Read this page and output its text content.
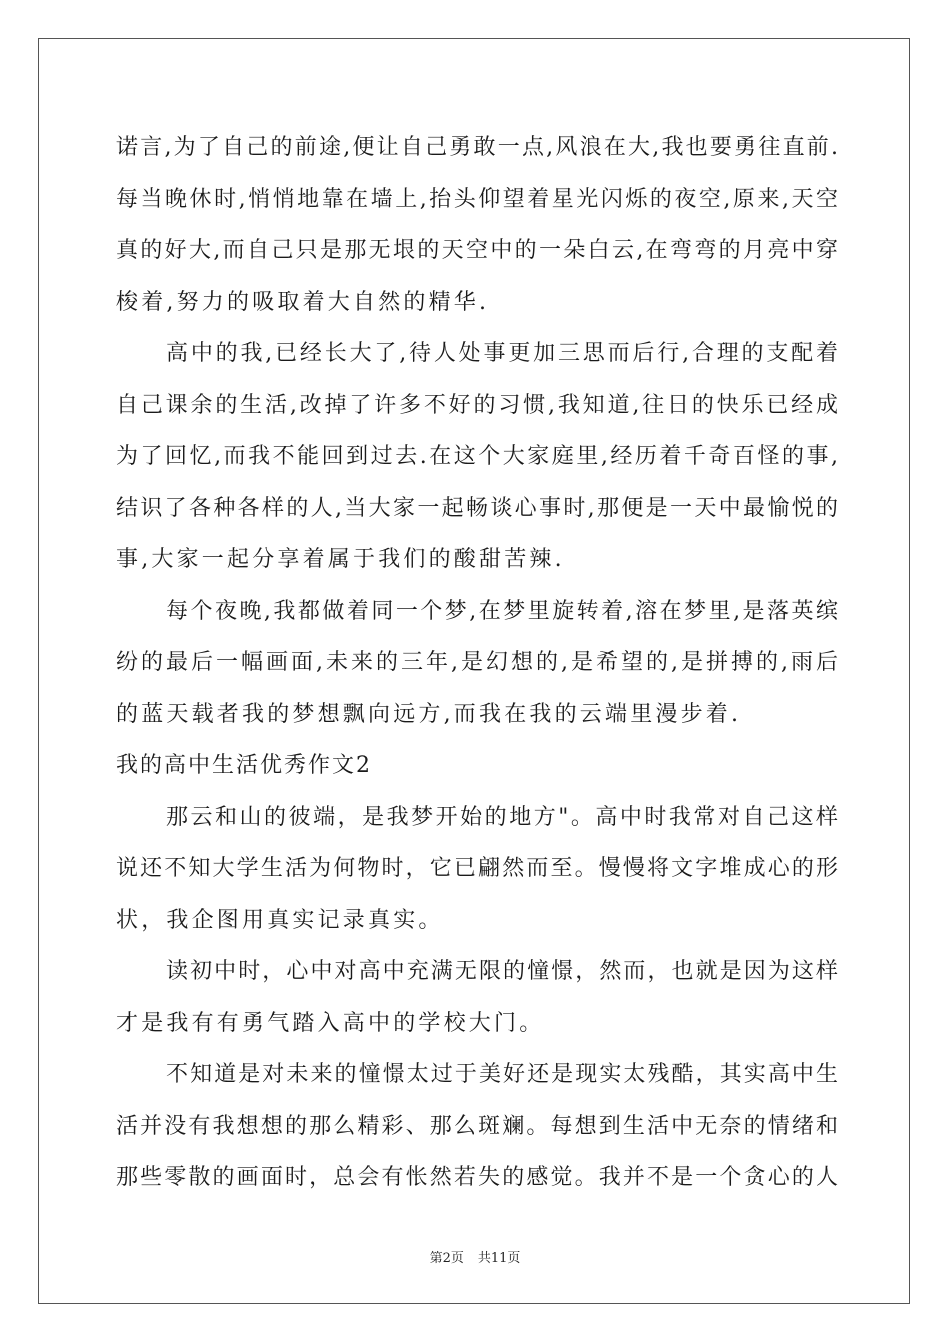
诺言,为了自己的前途,便让自己勇敢一点,风浪在大,我也要勇往直前.
每当晚休时,悄悄地靠在墙上,抬头仰望着星光闪烁的夜空,原来,天空
真的好大,而自己只是那无垠的天空中的一朵白云,在弯弯的月亮中穿
梭着,努力的吸取着大自然的精华.
高中的我,已经长大了,待人处事更加三思而后行,合理的支配着
自己课余的生活,改掉了许多不好的习惯,我知道,往日的快乐已经成
为了回忆,而我不能回到过去.在这个大家庭里,经历着千奇百怪的事,
结识了各种各样的人,当大家一起畅谈心事时,那便是一天中最愉悦的
事,大家一起分享着属于我们的酸甜苦辣.
每个夜晚,我都做着同一个梦,在梦里旋转着,溶在梦里,是落英缤
纷的最后一幅画面,未来的三年,是幻想的,是希望的,是拼搏的,雨后
的蓝天载者我的梦想飘向远方,而我在我的云端里漫步着.
我的高中生活优秀作文2
那云和山的彼端，是我梦开始的地方"。高中时我常对自己这样
说还不知大学生活为何物时，它已翩然而至。慢慢将文字堆成心的形
状，我企图用真实记录真实。
读初中时，心中对高中充满无限的憧憬，然而，也就是因为这样
才是我有有勇气踏入高中的学校大门。
不知道是对未来的憧憬太过于美好还是现实太残酷，其实高中生
活并没有我想想的那么精彩、那么斑斓。每想到生活中无奈的情绪和
那些零散的画面时，总会有怅然若失的感觉。我并不是一个贪心的人
第2页 共11页
